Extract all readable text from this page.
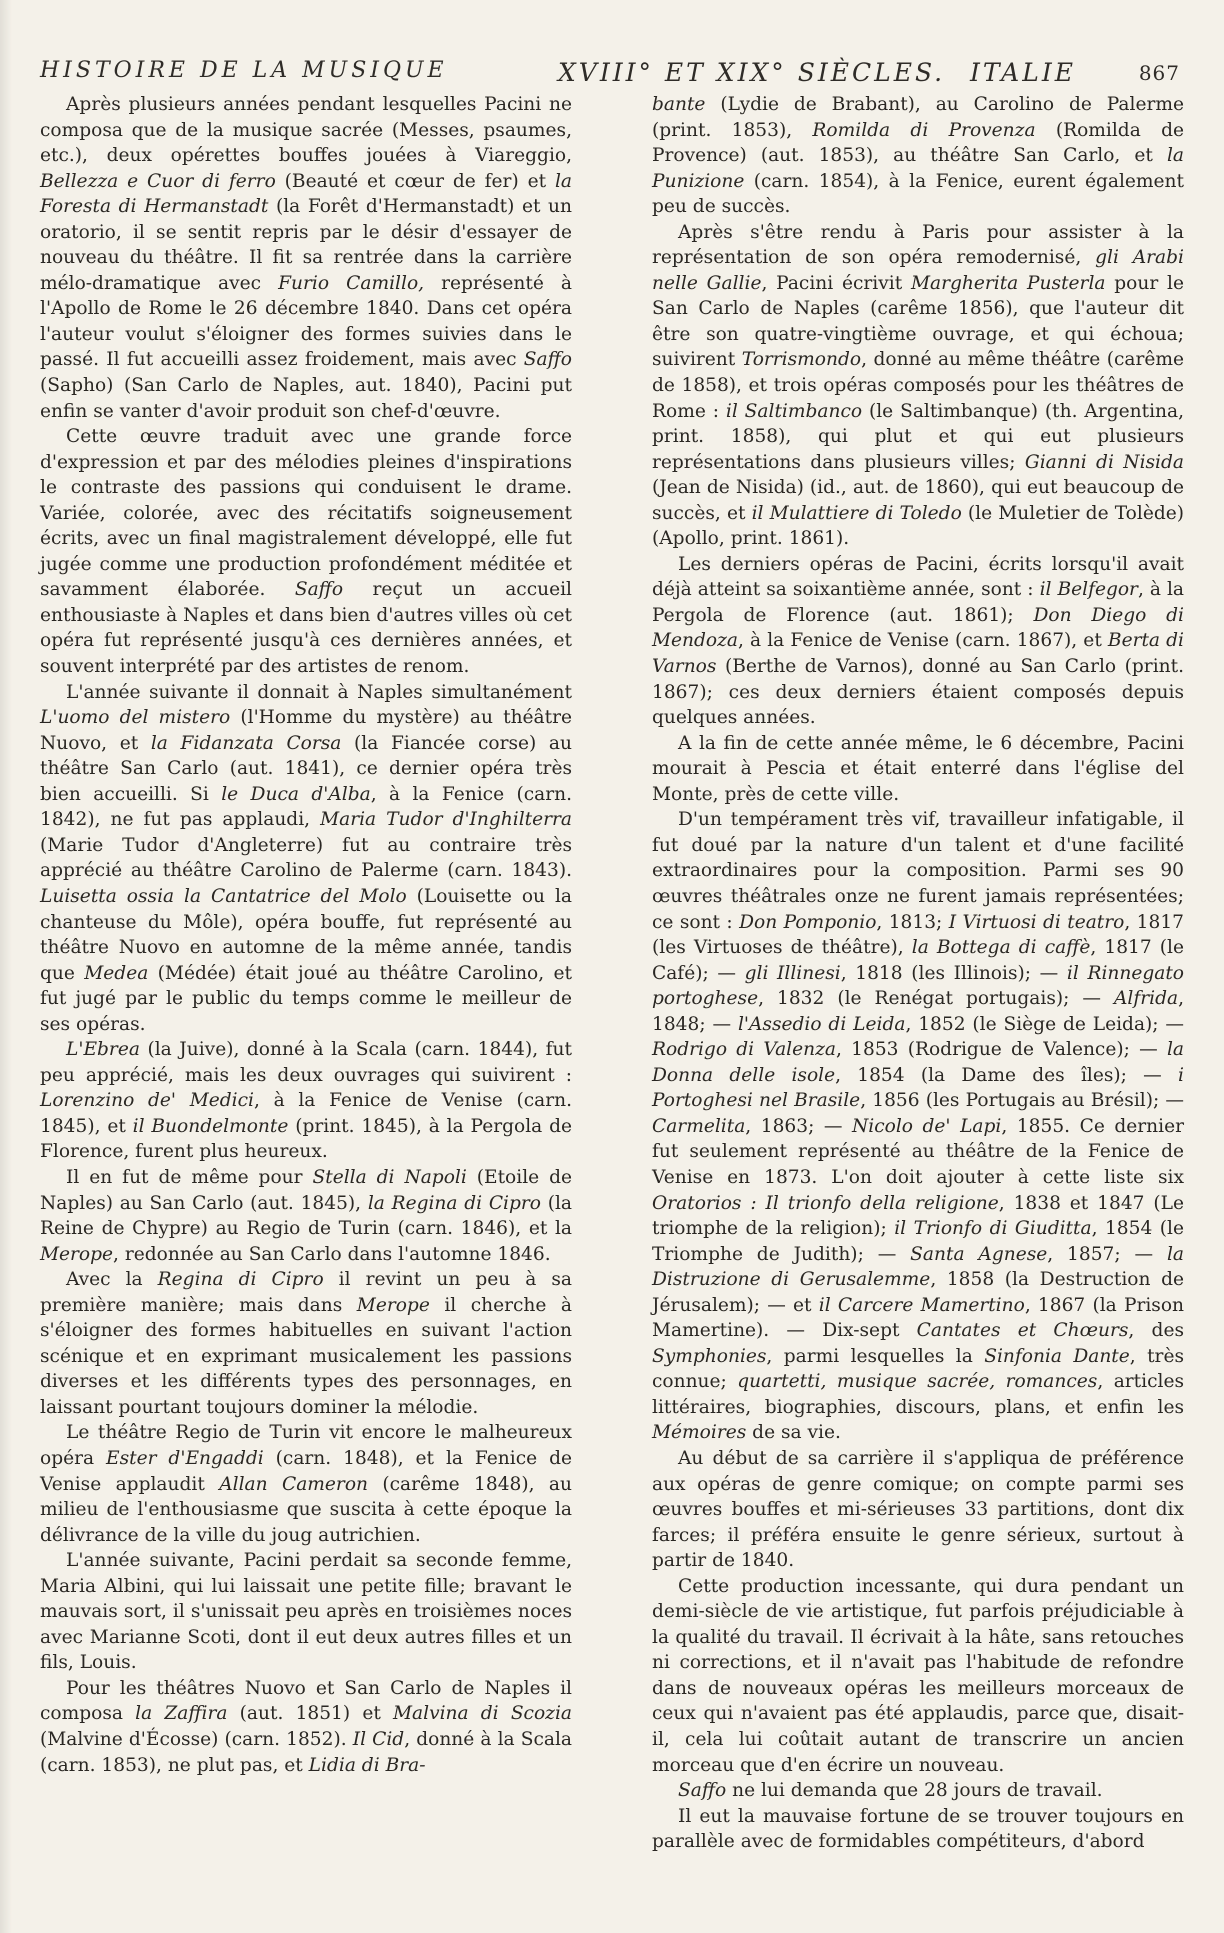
HISTOIRE DE LA MUSIQUE	XVIII° ET XIX° SIÈCLES. ITALIE	867

Après plusieurs années pendant lesquelles Pacini ne composa que de la musique sacrée (Messes, psaumes, etc.), deux opérettes bouffes jouées à Viareggio, Bellezza e Cuor di ferro (Beauté et cœur de fer) et la Foresta di Hermanstadt (la Forêt d'Hermanstadt) et un oratorio, il se sentit repris par le désir d'essayer de nouveau du théâtre. Il fit sa rentrée dans la carrière mélo-dramatique avec Furio Camillo, représenté à l'Apollo de Rome le 26 décembre 1840. Dans cet opéra l'auteur voulut s'éloigner des formes suivies dans le passé. Il fut accueilli assez froidement, mais avec Saffo (Sapho) (San Carlo de Naples, aut. 1840), Pacini put enfin se vanter d'avoir produit son chef-d'œuvre.

Cette œuvre traduit avec une grande force d'expression et par des mélodies pleines d'inspirations le contraste des passions qui conduisent le drame. Variée, colorée, avec des récitatifs soigneusement écrits, avec un final magistralement développé, elle fut jugée comme une production profondément méditée et savamment élaborée. Saffo reçut un accueil enthousiaste à Naples et dans bien d'autres villes où cet opéra fut représenté jusqu'à ces dernières années, et souvent interprété par des artistes de renom.

L'année suivante il donnait à Naples simultanément L'uomo del mistero (l'Homme du mystère) au théâtre Nuovo, et la Fidanzata Corsa (la Fiancée corse) au théâtre San Carlo (aut. 1841), ce dernier opéra très bien accueilli. Si le Duca d'Alba, à la Fenice (carn. 1842), ne fut pas applaudi, Maria Tudor d'Inghilterra (Marie Tudor d'Angleterre) fut au contraire très apprécié au théâtre Carolino de Palerme (carn. 1843). Luisetta ossia la Cantatrice del Molo (Louisette ou la chanteuse du Môle), opéra bouffe, fut représenté au théâtre Nuovo en automne de la même année, tandis que Medea (Médée) était joué au théâtre Carolino, et fut jugé par le public du temps comme le meilleur de ses opéras.

L'Ebrea (la Juive), donné à la Scala (carn. 1844), fut peu apprécié, mais les deux ouvrages qui suivirent : Lorenzino de' Medici, à la Fenice de Venise (carn. 1845), et il Buondelmonte (print. 1845), à la Pergola de Florence, furent plus heureux.

Il en fut de même pour Stella di Napoli (Etoile de Naples) au San Carlo (aut. 1845), la Regina di Cipro (la Reine de Chypre) au Regio de Turin (carn. 1846), et la Merope, redonnée au San Carlo dans l'automne 1846.

Avec la Regina di Cipro il revint un peu à sa première manière; mais dans Merope il cherche à s'éloigner des formes habituelles en suivant l'action scénique et en exprimant musicalement les passions diverses et les différents types des personnages, en laissant pourtant toujours dominer la mélodie.

Le théâtre Regio de Turin vit encore le malheureux opéra Ester d'Engaddi (carn. 1848), et la Fenice de Venise applaudit Allan Cameron (carême 1848), au milieu de l'enthousiasme que suscita à cette époque la délivrance de la ville du joug autrichien.

L'année suivante, Pacini perdait sa seconde femme, Maria Albini, qui lui laissait une petite fille; bravant le mauvais sort, il s'unissait peu après en troisièmes noces avec Marianne Scoti, dont il eut deux autres filles et un fils, Louis.

Pour les théâtres Nuovo et San Carlo de Naples il composa la Zaffira (aut. 1851) et Malvina di Scozia (Malvine d'Écosse) (carn. 1852). Il Cid, donné à la Scala (carn. 1853), ne plut pas, et Lidia di Bra-

bante (Lydie de Brabant), au Carolino de Palerme (print. 1853), Romilda di Provenza (Romilda de Provence) (aut. 1853), au théâtre San Carlo, et la Punizione (carn. 1854), à la Fenice, eurent également peu de succès.

Après s'être rendu à Paris pour assister à la représentation de son opéra remodernisé, gli Arabi nelle Gallie, Pacini écrivit Margherita Pusterla pour le San Carlo de Naples (carême 1856), que l'auteur dit être son quatre-vingtième ouvrage, et qui échoua; suivirent Torrismondo, donné au même théâtre (carême de 1858), et trois opéras composés pour les théâtres de Rome : il Saltimbanco (le Saltimbanque) (th. Argentina, print. 1858), qui plut et qui eut plusieurs représentations dans plusieurs villes; Gianni di Nisida (Jean de Nisida) (id., aut. de 1860), qui eut beaucoup de succès, et il Mulattiere di Toledo (le Muletier de Tolède) (Apollo, print. 1861).

Les derniers opéras de Pacini, écrits lorsqu'il avait déjà atteint sa soixantième année, sont : il Belfegor, à la Pergola de Florence (aut. 1861); Don Diego di Mendoza, à la Fenice de Venise (carn. 1867), et Berta di Varnos (Berthe de Varnos), donné au San Carlo (print. 1867); ces deux derniers étaient composés depuis quelques années.

A la fin de cette année même, le 6 décembre, Pacini mourait à Pescia et était enterré dans l'église del Monte, près de cette ville.

D'un tempérament très vif, travailleur infatigable, il fut doué par la nature d'un talent et d'une facilité extraordinaires pour la composition. Parmi ses 90 œuvres théâtrales onze ne furent jamais représentées; ce sont : Don Pomponio, 1813; I Virtuosi di teatro, 1817 (les Virtuoses de théâtre), la Bottega di caffè, 1817 (le Café); — gli Illinesi, 1818 (les Illinois); — il Rinnegato portoghese, 1832 (le Renégat portugais); — Alfrida, 1848; — l'Assedio di Leida, 1852 (le Siège de Leida); — Rodrigo di Valenza, 1853 (Rodrigue de Valence); — la Donna delle isole, 1854 (la Dame des îles); — i Portoghesi nel Brasile, 1856 (les Portugais au Brésil); — Carmelita, 1863; — Nicolo de' Lapi, 1855. Ce dernier fut seulement représenté au théâtre de la Fenice de Venise en 1873. L'on doit ajouter à cette liste six Oratorios : Il trionfo della religione, 1838 et 1847 (Le triomphe de la religion); il Trionfo di Giuditta, 1854 (le Triomphe de Judith); — Santa Agnese, 1857; — la Distruzione di Gerusalemme, 1858 (la Destruction de Jérusalem); — et il Carcere Mamertino, 1867 (la Prison Mamertine). — Dix-sept Cantates et Chœurs, des Symphonies, parmi lesquelles la Sinfonia Dante, très connue; quartetti, musique sacrée, romances, articles littéraires, biographies, discours, plans, et enfin les Mémoires de sa vie.

Au début de sa carrière il s'appliqua de préférence aux opéras de genre comique; on compte parmi ses œuvres bouffes et mi-sérieuses 33 partitions, dont dix farces; il préféra ensuite le genre sérieux, surtout à partir de 1840.

Cette production incessante, qui dura pendant un demi-siècle de vie artistique, fut parfois préjudiciable à la qualité du travail. Il écrivait à la hâte, sans retouches ni corrections, et il n'avait pas l'habitude de refondre dans de nouveaux opéras les meilleurs morceaux de ceux qui n'avaient pas été applaudis, parce que, disait-il, cela lui coûtait autant de transcrire un ancien morceau que d'en écrire un nouveau.

Saffo ne lui demanda que 28 jours de travail.

Il eut la mauvaise fortune de se trouver toujours en parallèle avec de formidables compétiteurs, d'abord
